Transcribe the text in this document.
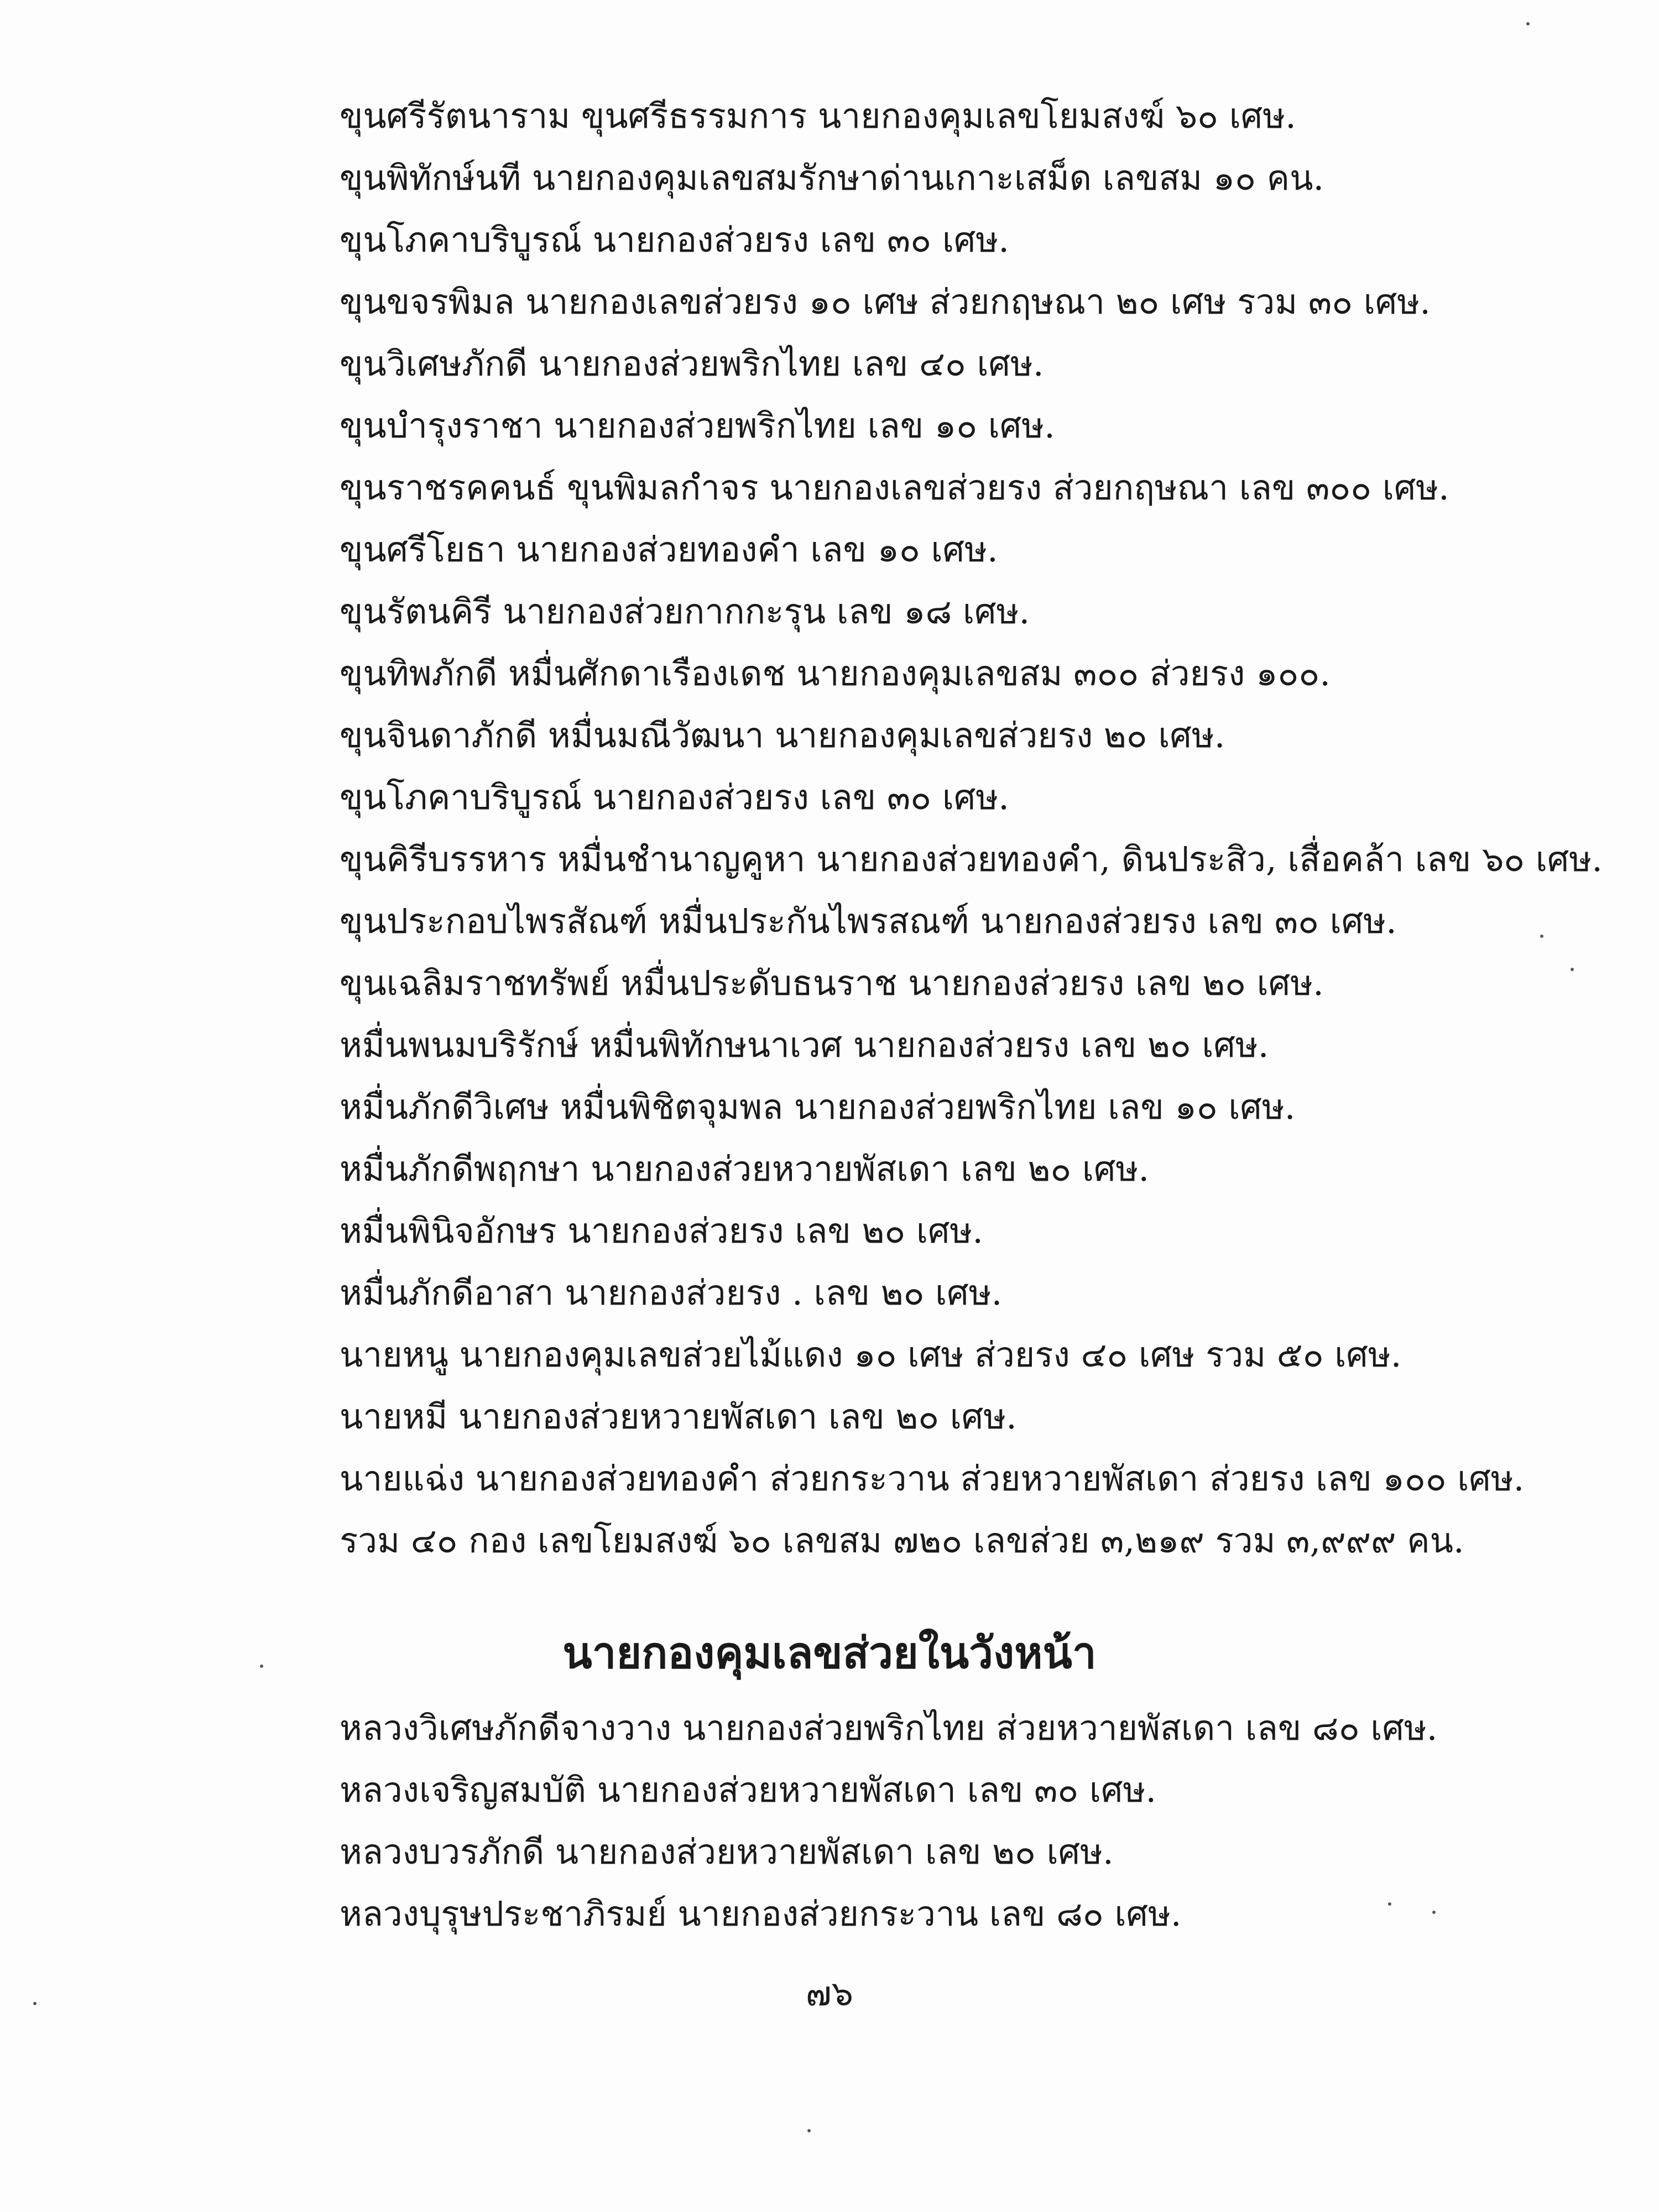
ขุนศรีรัตนาราม ขุนศรีธรรมการ นายกองคุมเลขโยมสงฆ์ ๖๐ เศษ.
ขุนพิทักษ์นที นายกองคุมเลขสมรักษาด่านเกาะเสม็ด เลขสม ๑๐ คน.
ขุนโภคาบริบูรณ์ นายกองส่วยรง เลข ๓๐ เศษ.
ขุนขจรพิมล นายกองเลขส่วยรง ๑๐ เศษ ส่วยกฤษณา ๒๐ เศษ รวม ๓๐ เศษ.
ขุนวิเศษภักดี นายกองส่วยพริกไทย เลข ๔๐ เศษ.
ขุนบำรุงราชา นายกองส่วยพริกไทย เลข ๑๐ เศษ.
ขุนราชรคคนธ์ ขุนพิมลกำจร นายกองเลขส่วยรง ส่วยกฤษณา เลข ๓๐๐ เศษ.
ขุนศรีโยธา นายกองส่วยทองคำ เลข ๑๐ เศษ.
ขุนรัตนคิรี นายกองส่วยกากกะรุน เลข ๑๘ เศษ.
ขุนทิพภักดี หมื่นศักดาเรืองเดช นายกองคุมเลขสม ๓๐๐ ส่วยรง ๑๐๐.
ขุนจินดาภักดี หมื่นมณีวัฒนา นายกองคุมเลขส่วยรง ๒๐ เศษ.
ขุนโภคาบริบูรณ์ นายกองส่วยรง เลข ๓๐ เศษ.
ขุนคิรีบรรหาร หมื่นชำนาญคูหา นายกองส่วยทองคำ, ดินประสิว, เสื่อคล้า เลข ๖๐ เศษ.
ขุนประกอบไพรสัณฑ์ หมื่นประกันไพรสณฑ์ นายกองส่วยรง เลข ๓๐ เศษ.
ขุนเฉลิมราชทรัพย์ หมื่นประดับธนราช นายกองส่วยรง เลข ๒๐ เศษ.
หมื่นพนมบริรักษ์ หมื่นพิทักษนาเวศ นายกองส่วยรง เลข ๒๐ เศษ.
หมื่นภักดีวิเศษ หมื่นพิชิตจุมพล นายกองส่วยพริกไทย เลข ๑๐ เศษ.
หมื่นภักดีพฤกษา นายกองส่วยหวายพัสเดา เลข ๒๐ เศษ.
หมื่นพินิจอักษร นายกองส่วยรง เลข ๒๐ เศษ.
หมื่นภักดีอาสา นายกองส่วยรง . เลข ๒๐ เศษ.
นายหนู นายกองคุมเลขส่วยไม้แดง ๑๐ เศษ ส่วยรง ๔๐ เศษ รวม ๕๐ เศษ.
นายหมี นายกองส่วยหวายพัสเดา เลข ๒๐ เศษ.
นายแฉ่ง นายกองส่วยทองคำ ส่วยกระวาน ส่วยหวายพัสเดา ส่วยรง เลข ๑๐๐ เศษ.
รวม ๔๐ กอง เลขโยมสงฆ์ ๖๐ เลขสม ๗๒๐ เลขส่วย ๓,๒๑๙ รวม ๓,๙๙๙ คน.
นายกองคุมเลขส่วยในวังหน้า
หลวงวิเศษภักดีจางวาง นายกองส่วยพริกไทย ส่วยหวายพัสเดา เลข ๘๐ เศษ.
หลวงเจริญสมบัติ นายกองส่วยหวายพัสเดา เลข ๓๐ เศษ.
หลวงบวรภักดี นายกองส่วยหวายพัสเดา เลข ๒๐ เศษ.
หลวงบุรุษประชาภิรมย์ นายกองส่วยกระวาน เลข ๘๐ เศษ.
๗๖
